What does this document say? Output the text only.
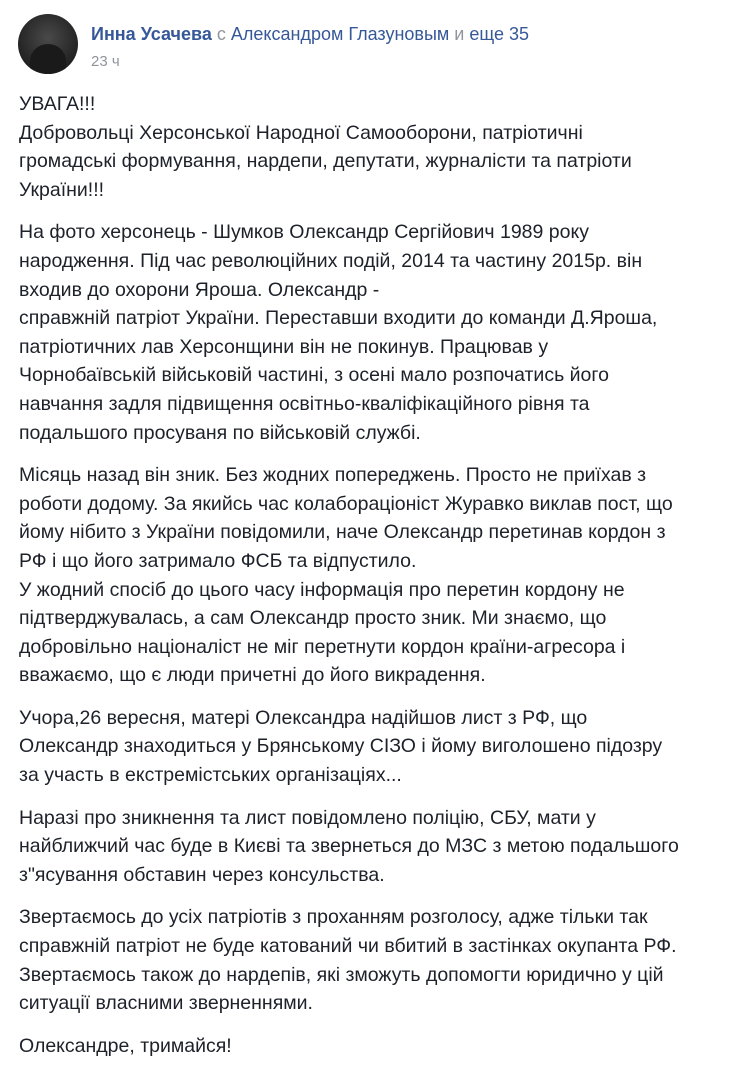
Инна Усачева с Александром Глазуновым и еще 35
23 ч

УВАГА!!!
Добровольці Херсонської Народної Самооборони, патріотичні
громадські формування, нардепи, депутати, журналісти та патріоти
України!!!

На фото херсонець - Шумков Олександр Сергійович 1989 року
народження. Під час революційних подій, 2014 та частину 2015р. він
входив до охорони Яроша. Олександр -
справжній патріот України. Переставши входити до команди Д.Яроша,
патріотичних лав Херсонщини він не покинув. Працював у
Чорнобаївській військовій частині, з осені мало розпочатись його
навчання задля підвищення освітньо-кваліфікаційного рівня та
подальшого просуваня по військовій службі.

Місяць назад він зник. Без жодних попереджень. Просто не приїхав з
роботи додому. За якийсь час колабораціоніст Журавко виклав пост, що
йому нібито з України повідомили, наче Олександр перетинав кордон з
РФ і що його затримало ФСБ та відпустило.
У жодний спосіб до цього часу інформація про перетин кордону не
підтверджувалась, а сам Олександр просто зник. Ми знаємо, що
добровільно націоналіст не міг перетнути кордон країни-агресора і
вважаємо, що є люди причетні до його викрадення.

Учора,26 вересня, матері Олександра надійшов лист з РФ, що
Олександр знаходиться у Брянському СІЗО і йому виголошено підозру
за участь в екстремістських організаціях...

Наразі про зникнення та лист повідомлено поліцію, СБУ, мати у
найближчий час буде в Києві та звернеться до МЗС з метою подальшого
з"ясування обставин через консульства.

Звертаємось до усіх патріотів з проханням розголосу, адже тільки так
справжній патріот не буде катований чи вбитий в застінках окупанта РФ.
Звертаємось також до нардепів, які зможуть допомогти юридично у цій
ситуації власними зверненнями.

Олександре, тримайся!
